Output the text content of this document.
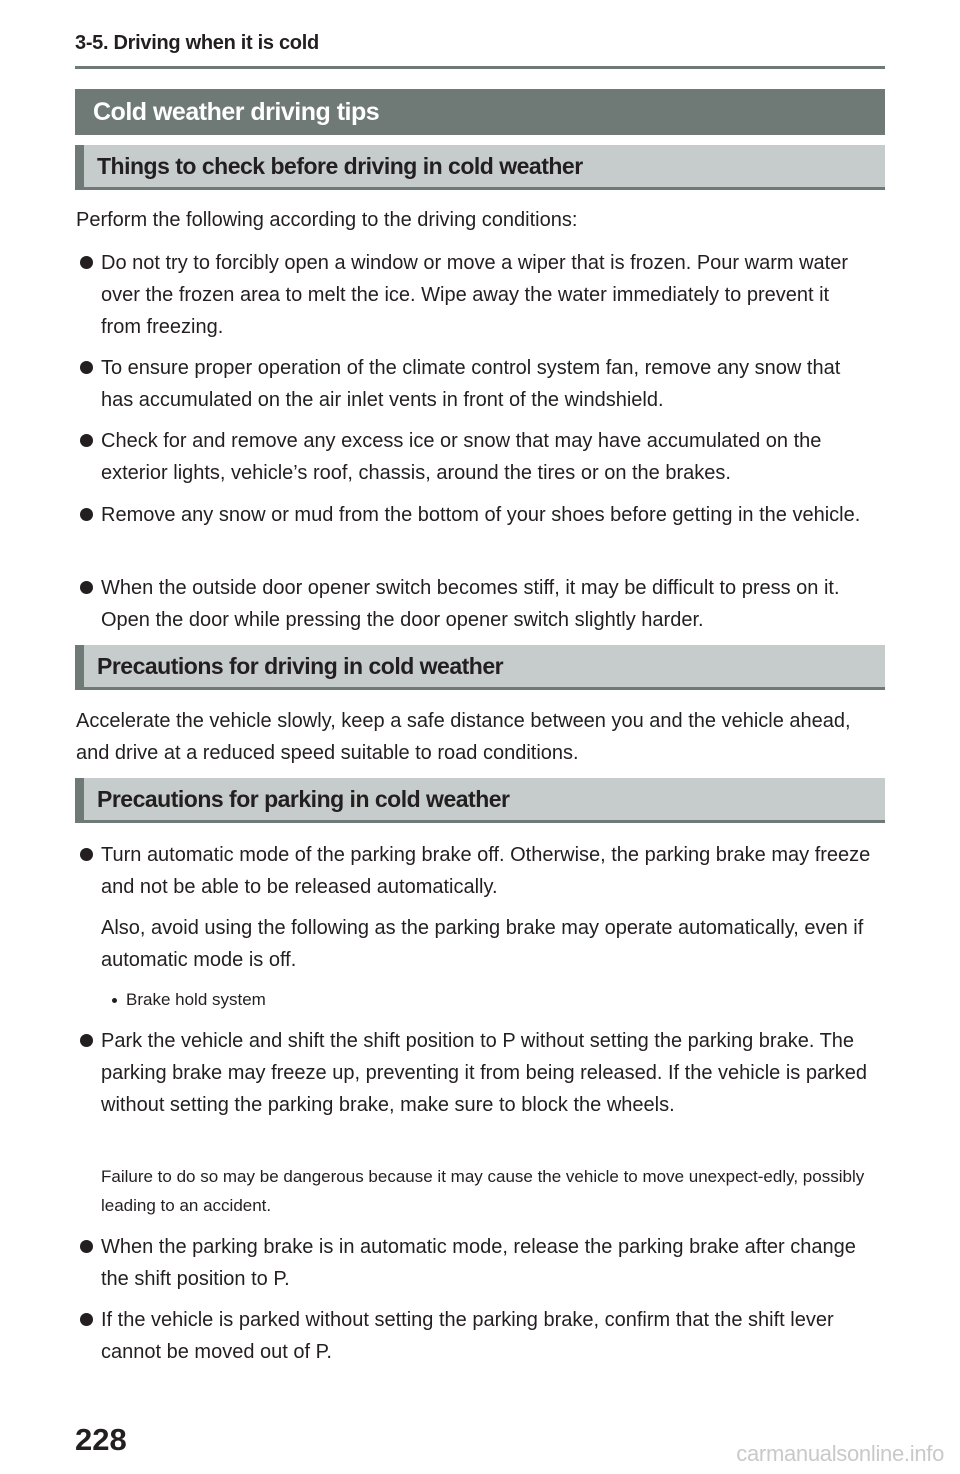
3-5. Driving when it is cold
Cold weather driving tips
Things to check before driving in cold weather
Perform the following according to the driving conditions:
Do not try to forcibly open a window or move a wiper that is frozen. Pour warm water over the frozen area to melt the ice. Wipe away the water immediately to prevent it from freezing.
To ensure proper operation of the climate control system fan, remove any snow that has accumulated on the air inlet vents in front of the windshield.
Check for and remove any excess ice or snow that may have accumulated on the exterior lights, vehicle’s roof, chassis, around the tires or on the brakes.
Remove any snow or mud from the bottom of your shoes before getting in the vehicle.
When the outside door opener switch becomes stiff, it may be difficult to press on it. Open the door while pressing the door opener switch slightly harder.
Precautions for driving in cold weather
Accelerate the vehicle slowly, keep a safe distance between you and the vehicle ahead, and drive at a reduced speed suitable to road conditions.
Precautions for parking in cold weather
Turn automatic mode of the parking brake off. Otherwise, the parking brake may freeze and not be able to be released automatically.
Also, avoid using the following as the parking brake may operate automatically, even if automatic mode is off.
Brake hold system
Park the vehicle and shift the shift position to P without setting the parking brake. The parking brake may freeze up, preventing it from being released. If the vehicle is parked without setting the parking brake, make sure to block the wheels.
Failure to do so may be dangerous because it may cause the vehicle to move unexpect-edly, possibly leading to an accident.
When the parking brake is in automatic mode, release the parking brake after change the shift position to P.
If the vehicle is parked without setting the parking brake, confirm that the shift lever cannot be moved out of P.
228	carmanualsonline.info
